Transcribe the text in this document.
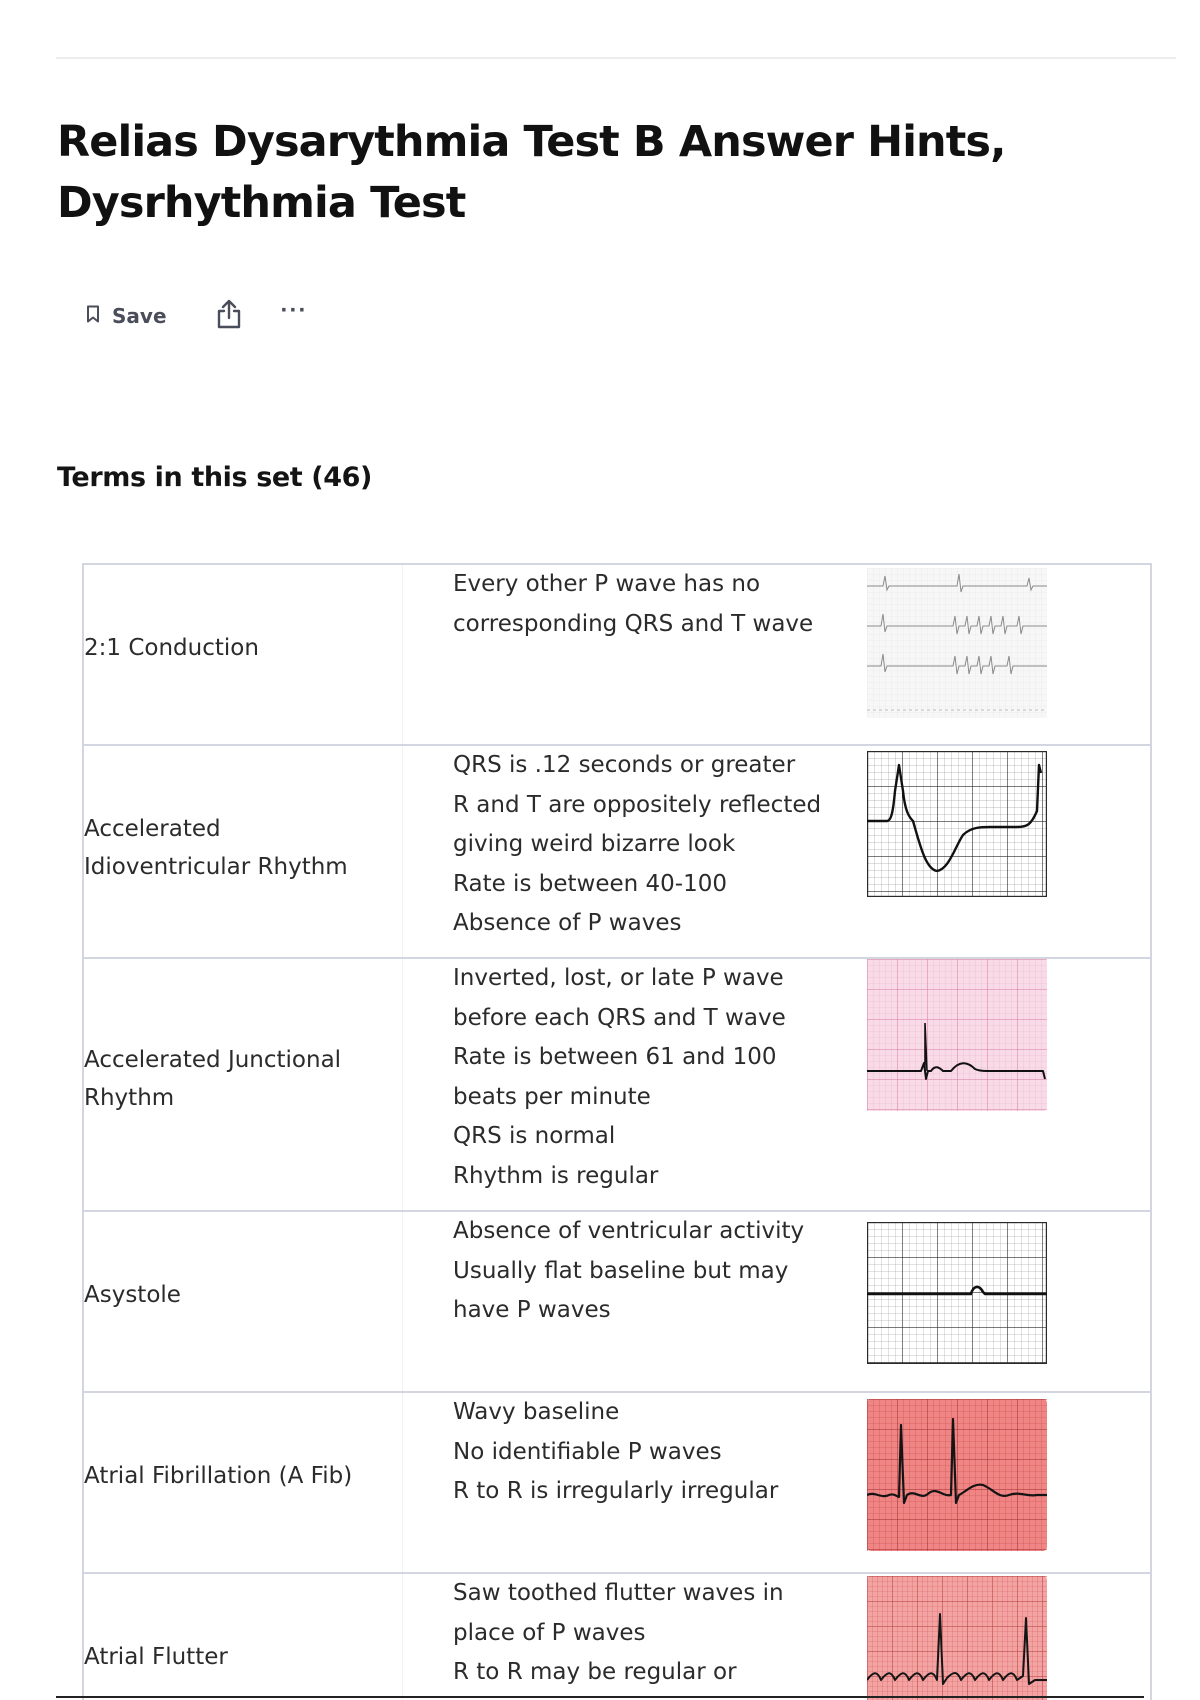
Relias Dysarythmia Test B Answer Hints, Dysrhythmia Test
Save	···
Terms in this set (46)
2:1 Conduction
Every other P wave has no
corresponding QRS and T wave
Accelerated Idioventricular Rhythm
QRS is .12 seconds or greater
R and T are oppositely reflected
giving weird bizarre look
Rate is between 40-100
Absence of P waves
Accelerated Junctional Rhythm
Inverted, lost, or late P wave
before each QRS and T wave
Rate is between 61 and 100
beats per minute
QRS is normal
Rhythm is regular
Asystole
Absence of ventricular activity
Usually flat baseline but may
have P waves
Atrial Fibrillation (A Fib)
Wavy baseline
No identifiable P waves
R to R is irregularly irregular
Atrial Flutter
Saw toothed flutter waves in
place of P waves
R to R may be regular or
